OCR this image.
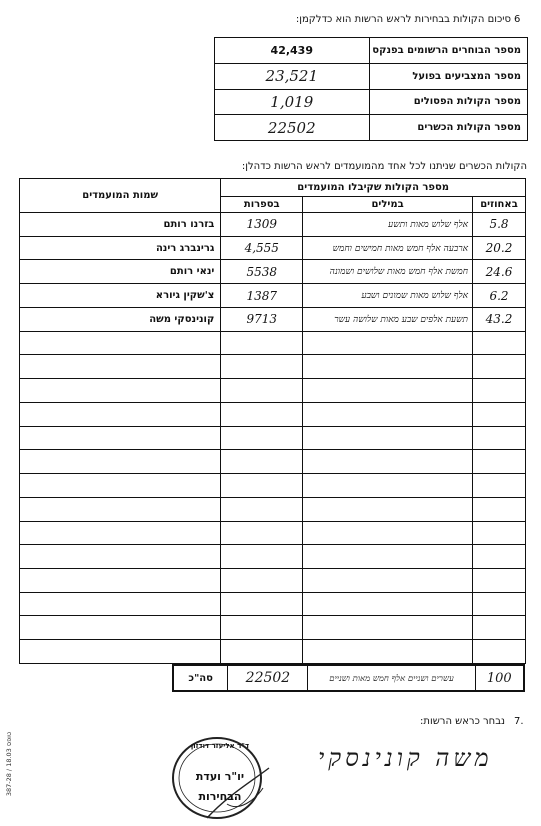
סיכום הקולות בבחירות לראש הרשות הוא כדלקמן: 6
42,439	מספר הבוחרים הרשומים בפנקס
23,521	מספר המצביעים בפועל
1,019	מספר הקולות הפסולים
22502	מספר הקולות הכשרים
הקולות הכשרים שניתנו לכל אחד מהמועמדים לראש הרשות כדהלן:
שמות המועמדים	מספר הקולות שקיבלו המועמדים		
	בספרות	במילים	באחוזים
בזרנו רותם	1309	אלף שלוש מאות ותשע	5.8
גרינברג רינה	4,555	ארבעה אלף חמש מאות חמישים וחמש	20.2
ינאי רותם	5538	חמשת אלף חמש מאות שלושים ושמונה	24.6
צ'שקין גיורא	1387	אלף שלוש מאות שמונים ושבע	6.2
קונינסקי משה	9713	תשעת אלפים שבע מאות שלושה עשר	43.2

סה"כ	22502	עשרים ושניים אלף חמש מאות ושניים	100
7.
נבחר כראש הרשות:
משה קונינסקי
387-28 / טופס 18.03	ד"ר אליעזר דודזון
יו"ר ועדת
הבחירות
